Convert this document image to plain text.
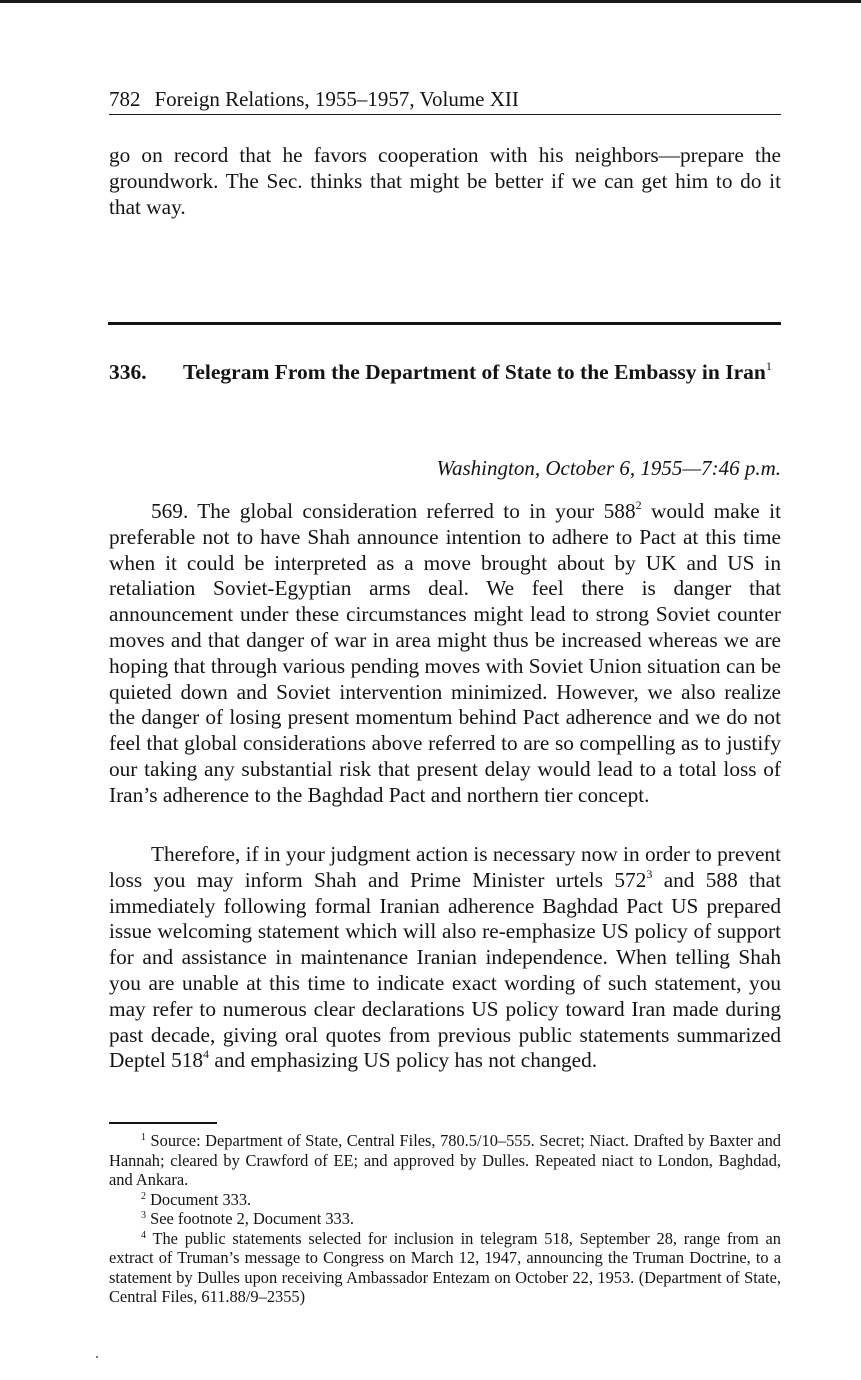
782 Foreign Relations, 1955–1957, Volume XII

go on record that he favors cooperation with his neighbors—prepare the groundwork. The Sec. thinks that might be better if we can get him to do it that way.

336. Telegram From the Department of State to the Embassy in Iran$^1$
Washington, October 6, 1955—7:46 p.m.

569. The global consideration referred to in your $588^2$ would make it preferable not to have Shah announce intention to adhere to Pact at this time when it could be interpreted as a move brought about by UK and US in retaliation Soviet-Egyptian arms deal. We feel there is danger that announcement under these circumstances might lead to strong Soviet counter moves and that danger of war in area might thus be increased whereas we are hoping that through various pending moves with Soviet Union situation can be quieted down and Soviet intervention minimized. However, we also realize the danger of losing present momentum behind Pact adherence and we do not feel that global considerations above referred to are so compelling as to justify our taking any substantial risk that present delay would lead to a total loss of Iran’s adherence to the Baghdad Pact and northern tier concept.

Therefore, if in your judgment action is necessary now in order to prevent loss you may inform Shah and Prime Minister urtels $572^3$ and 588 that immediately following formal Iranian adherence Baghdad Pact US prepared issue welcoming statement which will also re-emphasize US policy of support for and assistance in maintenance Iranian independence. When telling Shah you are unable at this time to indicate exact wording of such statement, you may refer to numerous clear declarations US policy toward Iran made during past decade, giving oral quotes from previous public statements summarized Deptel $518^4$ and emphasizing US policy has not changed.

$^1$ Source: Department of State, Central Files, 780.5/10–555. Secret; Niact. Drafted by Baxter and Hannah; cleared by Crawford of EE; and approved by Dulles. Repeated niact to London, Baghdad, and Ankara.

$^2$ Document 333.

$^3$ See footnote 2, Document 333.

$^4$ The public statements selected for inclusion in telegram 518, September 28, range from an extract of Truman’s message to Congress on March 12, 1947, announcing the Truman Doctrine, to a statement by Dulles upon receiving Ambassador Entezam on October 22, 1953. (Department of State, Central Files, 611.88/9–2355)
